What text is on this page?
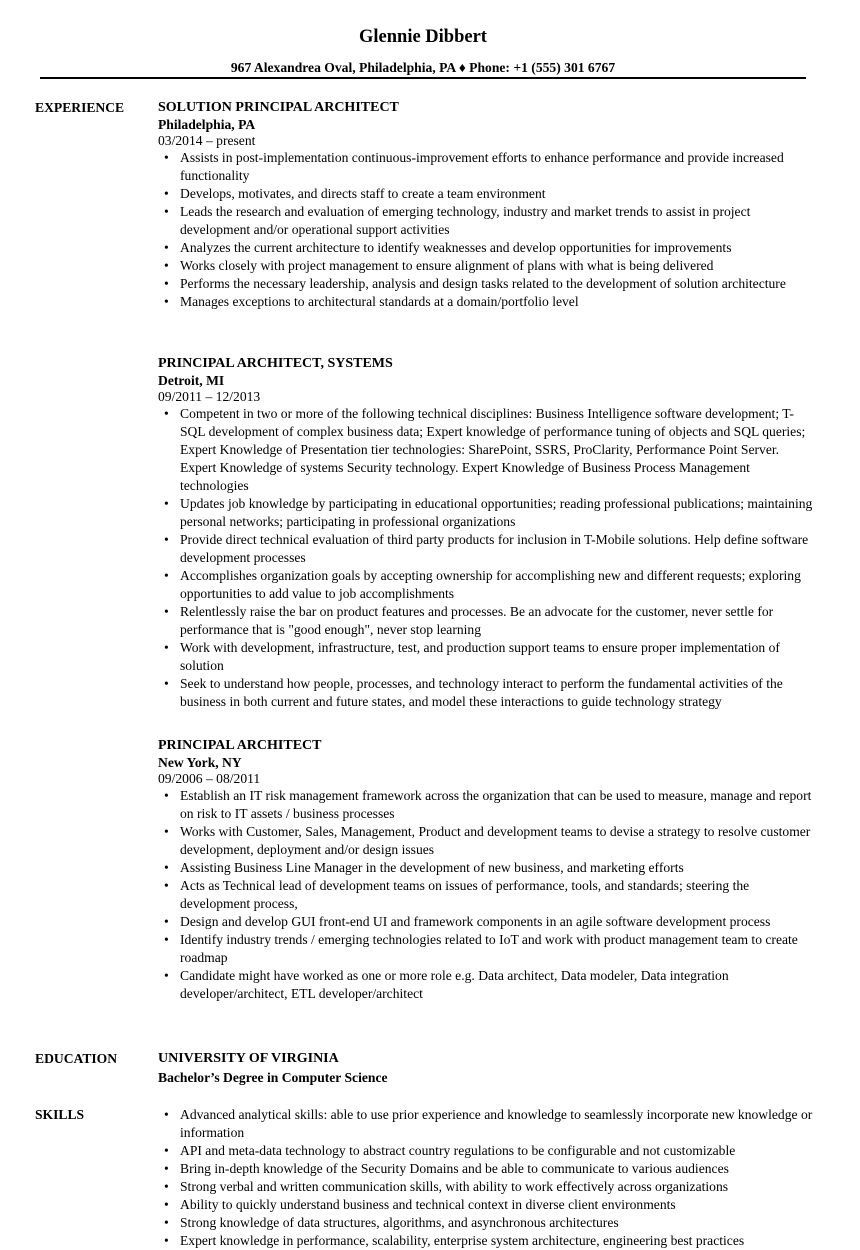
Glennie Dibbert
967 Alexandrea Oval, Philadelphia, PA ♦ Phone: +1 (555) 301 6767
EXPERIENCE SOLUTION PRINCIPAL ARCHITECT
Philadelphia, PA
03/2014 – present
• Assists in post-implementation continuous-improvement efforts to enhance performance and provide increased functionality
• Develops, motivates, and directs staff to create a team environment
• Leads the research and evaluation of emerging technology, industry and market trends to assist in project development and/or operational support activities
• Analyzes the current architecture to identify weaknesses and develop opportunities for improvements
• Works closely with project management to ensure alignment of plans with what is being delivered
• Performs the necessary leadership, analysis and design tasks related to the development of solution architecture
• Manages exceptions to architectural standards at a domain/portfolio level
PRINCIPAL ARCHITECT, SYSTEMS
Detroit, MI
09/2011 – 12/2013
• Competent in two or more of the following technical disciplines: Business Intelligence software development; T-SQL development of complex business data; Expert knowledge of performance tuning of objects and SQL queries; Expert Knowledge of Presentation tier technologies: SharePoint, SSRS, ProClarity, Performance Point Server. Expert Knowledge of systems Security technology. Expert Knowledge of Business Process Management technologies
• Updates job knowledge by participating in educational opportunities; reading professional publications; maintaining personal networks; participating in professional organizations
• Provide direct technical evaluation of third party products for inclusion in T-Mobile solutions. Help define software development processes
• Accomplishes organization goals by accepting ownership for accomplishing new and different requests; exploring opportunities to add value to job accomplishments
• Relentlessly raise the bar on product features and processes. Be an advocate for the customer, never settle for performance that is "good enough", never stop learning
• Work with development, infrastructure, test, and production support teams to ensure proper implementation of solution
• Seek to understand how people, processes, and technology interact to perform the fundamental activities of the business in both current and future states, and model these interactions to guide technology strategy
PRINCIPAL ARCHITECT
New York, NY
09/2006 – 08/2011
• Establish an IT risk management framework across the organization that can be used to measure, manage and report on risk to IT assets / business processes
• Works with Customer, Sales, Management, Product and development teams to devise a strategy to resolve customer development, deployment and/or design issues
• Assisting Business Line Manager in the development of new business, and marketing efforts
• Acts as Technical lead of development teams on issues of performance, tools, and standards; steering the development process,
• Design and develop GUI front-end UI and framework components in an agile software development process
• Identify industry trends / emerging technologies related to IoT and work with product management team to create roadmap
• Candidate might have worked as one or more role e.g. Data architect, Data modeler, Data integration developer/architect, ETL developer/architect
EDUCATION	UNIVERSITY OF VIRGINIA
Bachelor’s Degree in Computer Science
SKILLS
•	Advanced analytical skills: able to use prior experience and knowledge to seamlessly incorporate new knowledge or information
• API and meta-data technology to abstract country regulations to be configurable and not customizable
• Bring in-depth knowledge of the Security Domains and be able to communicate to various audiences
• Strong verbal and written communication skills, with ability to work effectively across organizations
• Ability to quickly understand business and technical context in diverse client environments
• Strong knowledge of data structures, algorithms, and asynchronous architectures
• Expert knowledge in performance, scalability, enterprise system architecture, engineering best practices
